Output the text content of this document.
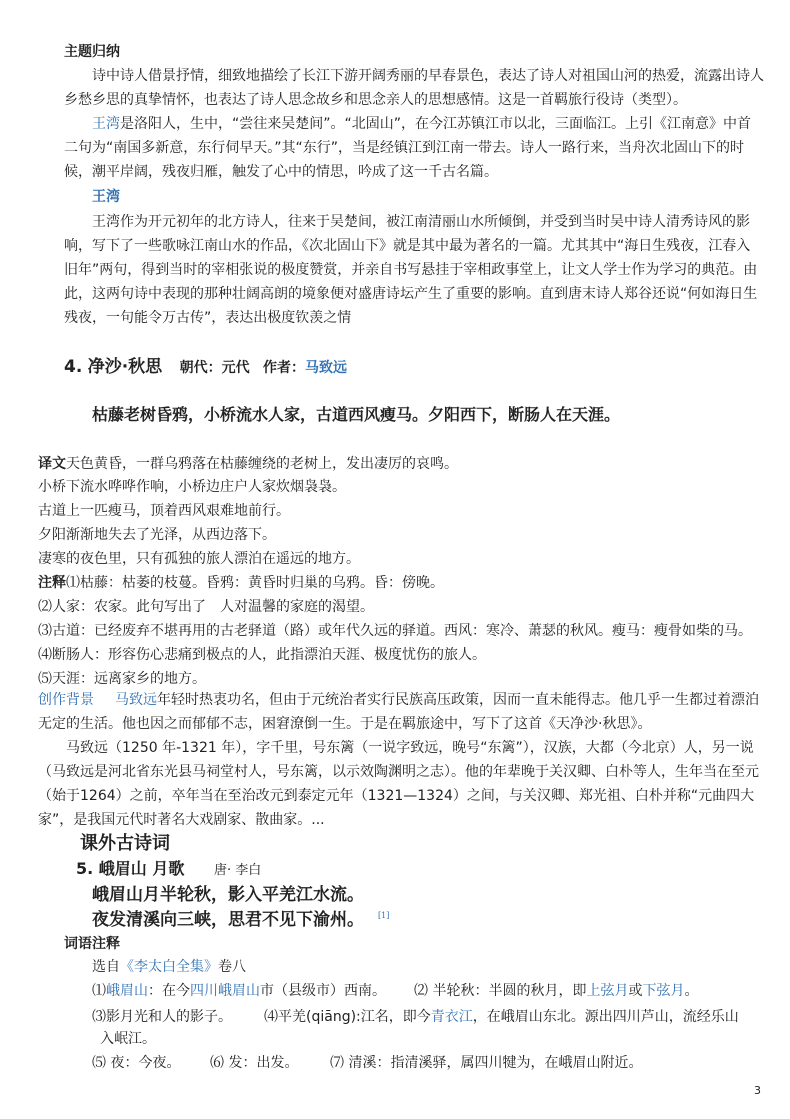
主题归纳
诗中诗人借景抒情，细致地描绘了长江下游开阔秀丽的早春景色，表达了诗人对祖国山河的热爱，流露出诗人乡愁乡思的真挚情怀，也表达了诗人思念故乡和思念亲人的思想感情。这是一首羁旅行役诗（类型）。
王湾是洛阳人，生中，“尝往来吴楚间”。“北固山”，在今江苏镇江市以北，三面临江。上引《江南意》中首二句为“南国多新意，东行伺早天。”其“东行”，当是经镇江到江南一带去。诗人一路行来，当舟次北固山下的时候，潮平岸阔，残夜归雁，触发了心中的情思，吟成了这一千古名篇。
王湾
王湾作为开元初年的北方诗人，往来于吴楚间，被江南清丽山水所倾倒，并受到当时吴中诗人清秀诗风的影响，写下了一些歌咏江南山水的作品，《次北固山下》就是其中最为著名的一篇。尤其其中“海日生残夜，江春入旧年”两句，得到当时的宰相张说的极度赞赏，并亲自书写悬挂于宰相政事堂上，让文人学士作为学习的典范。由此，这两句诗中表现的那种壮阔高朗的境象便对盛唐诗坛产生了重要的影响。直到唐末诗人郑谷还说“何如海日生残夜，一句能令万古传”，表达出极度钦羡之情
4. 净沙·秋思 朝代：元代 作者：马致远
枯藤老树昏鸦，小桥流水人家，古道西风瘦马。夕阳西下，断肠人在天涯。
译文天色黄昏，一群乌鸦落在枯藤缠绕的老树上，发出凄厉的哀鸣。
小桥下流水哗哗作响，小桥边庄户人家炊烟袅袅。
古道上一匹瘦马，顶着西风艰难地前行。
夕阳渐渐地失去了光泽，从西边落下。
凄寒的夜色里，只有孤独的旅人漂泊在遥远的地方。
注释⑴枯藤：枯萎的枝蔓。昏鸦：黄昏时归巢的乌鸦。昏：傍晚。
⑵人家：农家。此句写出了　人对温馨的家庭的渴望。
⑶古道：已经废弃不堪再用的古老驿道（路）或年代久远的驿道。西风：寒冷、萧瑟的秋风。瘦马：瘦骨如柴的马。
⑷断肠人：形容伤心悲痛到极点的人，此指漂泊天涯、极度忧伤的旅人。
⑸天涯：远离家乡的地方。
创作背景 马致远年轻时热衷功名，但由于元统治者实行民族高压政策，因而一直未能得志。他几乎一生都过着漂泊无定的生活。他也因之而郁郁不志，困窘潦倒一生。于是在羁旅途中，写下了这首《天净沙·秋思》。
马致远（1250 年-1321 年），字千里，号东篱（一说字致远，晚号“东篱”），汉族，大都（今北京）人，另一说（马致远是河北省东光县马祠堂村人，号东篱，以示效陶渊明之志）。他的年辈晚于关汉卿、白朴等人，生年当在至元（始于1264）之前，卒年当在至治改元到泰定元年（1321—1324）之间，与关汉卿、郑光祖、白朴并称“元曲四大家”，是我国元代时著名大戏剧家、散曲家。...
课外古诗词
5. 峨眉山 月歌 唐· 李白
峨眉山月半轮秋，影入平羌江水流。
夜发清溪向三峡，思君不见下渝州。 [1]
词语注释
选自《李太白全集》卷八
⑴峨眉山：在今四川峨眉山市（县级市）西南。 ⑵ 半轮秋：半圆的秋月，即上弦月或下弦月。
⑶影月光和人的影子。 ⑷平羌(qiāng):江名，即今青衣江，在峨眉山东北。源出四川芦山，流经乐山
入岷江。
⑸ 夜：今夜。 ⑹ 发：出发。 ⑺ 清溪：指清溪驿，属四川犍为，在峨眉山附近。
3
